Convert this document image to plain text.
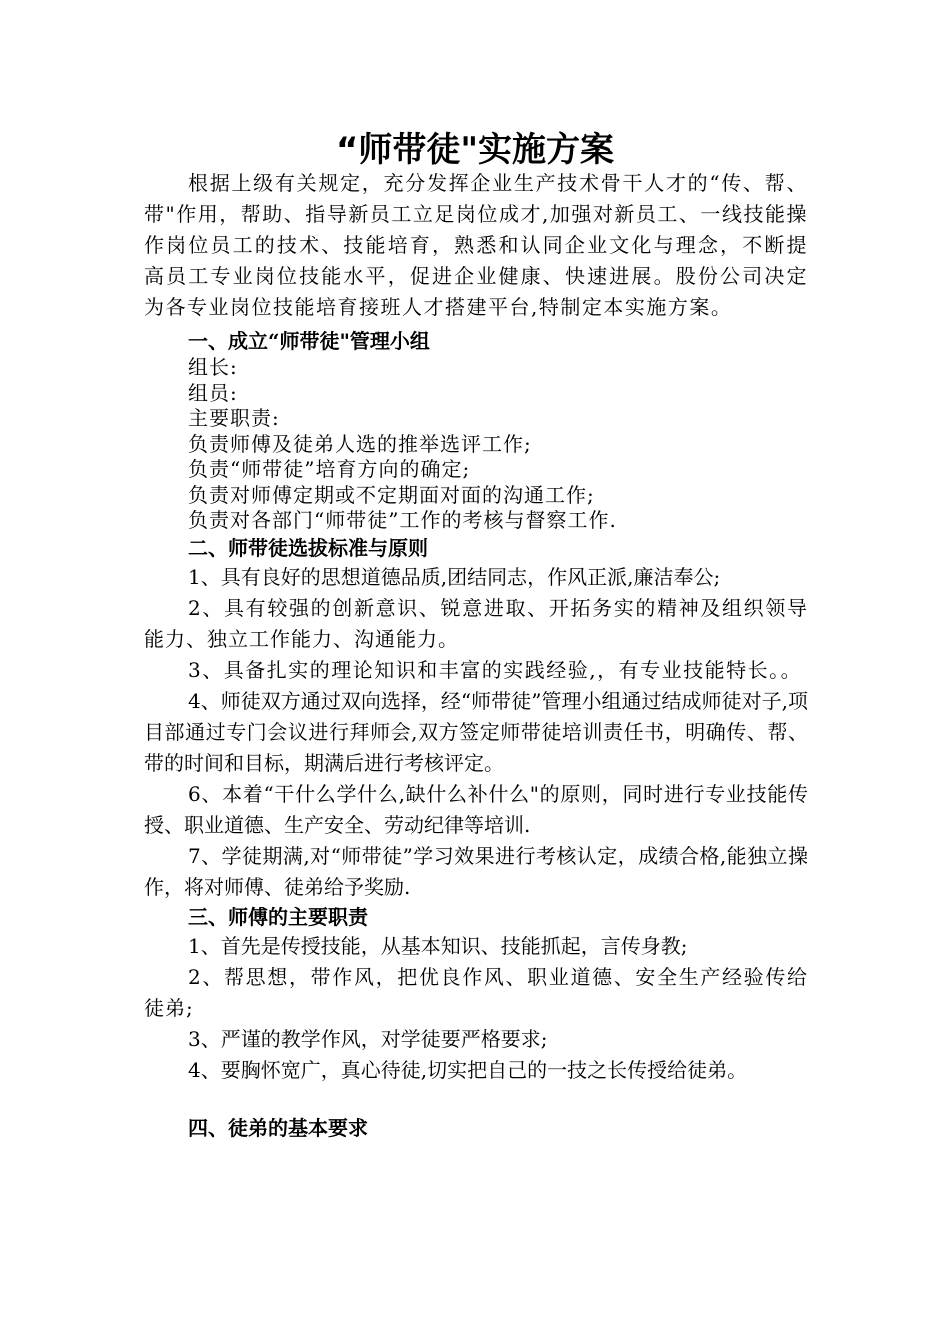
“师带徒"实施方案

根据上级有关规定，充分发挥企业生产技术骨干人才的“传、帮、带"作用，帮助、指导新员工立足岗位成才,加强对新员工、一线技能操作岗位员工的技术、技能培育，熟悉和认同企业文化与理念，不断提高员工专业岗位技能水平，促进企业健康、快速进展。股份公司决定为各专业岗位技能培育接班人才搭建平台,特制定本实施方案。

一、成立“师带徒"管理小组
组长:
组员:
主要职责:
负责师傅及徒弟人选的推举选评工作;
负责“师带徒”培育方向的确定;
负责对师傅定期或不定期面对面的沟通工作;
负责对各部门“师带徒”工作的考核与督察工作.
二、师带徒选拔标准与原则

1、具有良好的思想道德品质,团结同志，作风正派,廉洁奉公;

2、具有较强的创新意识、锐意进取、开拓务实的精神及组织领导能力、独立工作能力、沟通能力。

3、具备扎实的理论知识和丰富的实践经验,，有专业技能特长。。

4、师徒双方通过双向选择，经“师带徒”管理小组通过结成师徒对子,项目部通过专门会议进行拜师会,双方签定师带徒培训责任书，明确传、帮、带的时间和目标，期满后进行考核评定。

6、本着“干什么学什么,缺什么补什么"的原则，同时进行专业技能传授、职业道德、生产安全、劳动纪律等培训.

7、学徒期满,对“师带徒”学习效果进行考核认定，成绩合格,能独立操作，将对师傅、徒弟给予奖励.

三、师傅的主要职责

1、首先是传授技能，从基本知识、技能抓起，言传身教;

2、帮思想，带作风，把优良作风、职业道德、安全生产经验传给徒弟;

3、严谨的教学作风，对学徒要严格要求;

4、要胸怀宽广，真心待徒,切实把自己的一技之长传授给徒弟。

四、徒弟的基本要求
